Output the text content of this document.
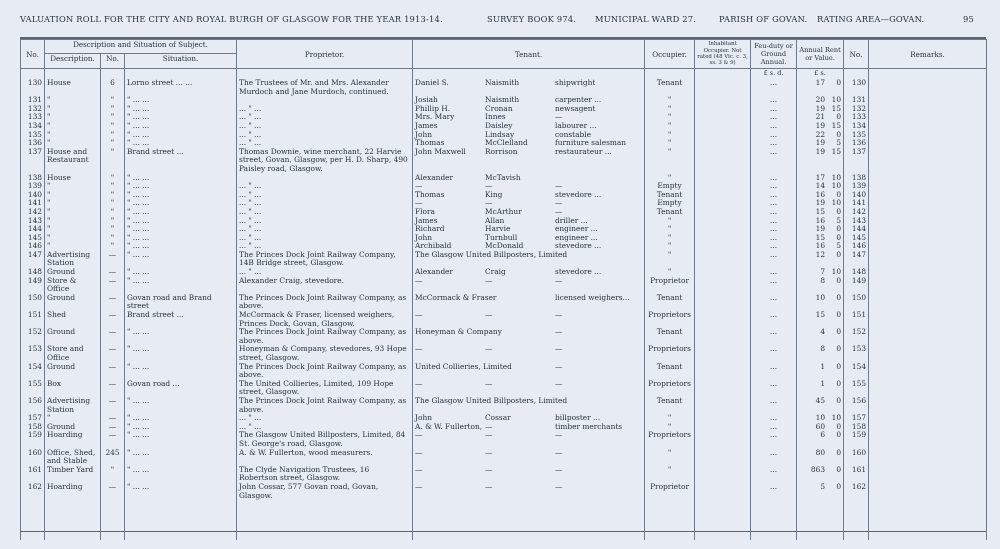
VALUATION ROLL FOR THE CITY AND ROYAL BURGH OF GLASGOW FOR THE YEAR 1913-14.	SURVEY BOOK 974. MUNICIPAL WARD 27.	PARISH OF GOVAN. RATING AREA—GOVAN.	95
No.	Description and Situation of Subject.			Proprietor.	Tenant.	Occupier.	Inhabitant Occupier. Not rated (48 Vic. c. 3, ss. 3 & 9)	Feu-duty or Ground Annual.	Annual Rent or Value.	No.	Remarks.
	Description.	No.	Situation.								
								£ s. d.	£ s.		
130	House	6	Lorno street ... ...	The Trustees of Mr. and Mrs. Alexander Murdoch and Jane Murdoch, continued.	Daniel S. Naismith shipwright	Tenant		...	17 0	130	
131	"	"	" ... ...		Josiah Naismith carpenter ...	"		...	20 10	131	
132	"	"	" ... ...	... " ...	Phillip H. Cronan newsagent	"		...	19 15	132	
133	"	"	" ... ...	... " ...	Mrs. Mary Innes —	"		...	21 0	133	
134	"	"	" ... ...	... " ...	James Daisley labourer ...	"		...	19 15	134	
135	"	"	" ... ...	... " ...	John Lindsay constable	"		...	22 0	135	
136	"	"	" ... ...	... " ...	Thomas McClelland furniture salesman	"		...	19 5	136	
137	House and Restaurant	"	Brand street ...	Thomas Downie, wine merchant, 22 Harvie street, Govan, Glasgow, per H. D. Sharp, 490 Paisley road, Glasgow.	John Maxwell Rorrison restaurateur ...	"		...	19 15	137	
138	House	"	" ... ...		Alexander McTavish	"		...	17 10	138	
139	"	"	" ... ...	... " ...	— — —	Empty		...	14 10	139	
140	"	"	" ... ...	... " ...	Thomas King stevedore ...	Tenant		...	16 0	140	
141	"	"	" ... ...	... " ...	— — —	Empty		...	19 10	141	
142	"	"	" ... ...	... " ...	Flora McArthur —	Tenant		...	15 0	142	
143	"	"	" ... ...	... " ...	James Allan driller ...	"		...	16 5	143	
144	"	"	" ... ...	... " ...	Richard Harvie engineer ...	"		...	19 0	144	
145	"	"	" ... ...	... " ...	John Turnbull engineer ...	"		...	15 0	145	
146	"	"	" ... ...	... " ...	Archibald McDonald stevedore ...	"		...	16 5	146	
147	Advertising Station	—	" ... ...	The Princes Dock Joint Railway Company, 14B Bridge street, Glasgow.	The Glasgow United Billposters, Limited	"		...	12 0	147	
148	Ground	—	" ... ...	... " ...	Alexander Craig stevedore ...	"		...	7 10	148	
149	Store & Office	—	" ... ...	Alexander Craig, stevedore.	— — —	Proprietor		...	8 0	149	
150	Ground	—	Govan road and Brand street	The Princes Dock Joint Railway Company, as above.	McCormack & Fraser licensed weighers...	Tenant		...	10 0	150	
151	Shed	—	Brand street ...	McCormack & Fraser, licensed weighers, Princes Dock, Govan, Glasgow.	— — —	Proprietors		...	15 0	151	
152	Ground	—	" ... ...	The Princes Dock Joint Railway Company, as above.	Honeyman & Company —	Tenant		...	4 0	152	
153	Store and Office	—	" ... ...	Honeyman & Company, stevedores, 93 Hope street, Glasgow.	— — —	Proprietors		...	8 0	153	
154	Ground	—	" ... ...	The Princes Dock Joint Railway Company, as above.	United Collieries, Limited —	Tenant		...	1 0	154	
155	Box	—	Govan road ...	The United Collieries, Limited, 109 Hope street, Glasgow.	— — —	Proprietors		...	1 0	155	
156	Advertising Station	—	" ... ...	The Princes Dock Joint Railway Company, as above.	The Glasgow United Billposters, Limited	Tenant		...	45 0	156	
157	"	—	" ... ...	... " ...	John Cossar billposter ...	"		...	10 10	157	
158	Ground	—	" ... ...	... " ...	A. & W. Fullerton, — timber merchants	"		...	60 0	158	
159	Hoarding	—	" ... ...	The Glasgow United Billposters, Limited, 84 St. George's road, Glasgow.	— — —	Proprietors		...	6 0	159	
160	Office, Shed, and Stable	245	" ... ...	A. & W. Fullerton, wood measurers.	— — —	"		...	80 0	160	
161	Timber Yard	"	" ... ...	The Clyde Navigation Trustees, 16 Robertson street, Glasgow.	— — —	"		...	863 0	161	
162	Hoarding	—	" ... ...	John Cossar, 577 Govan road, Govan, Glasgow.	— — —	Proprietor		...	5 0	162	
